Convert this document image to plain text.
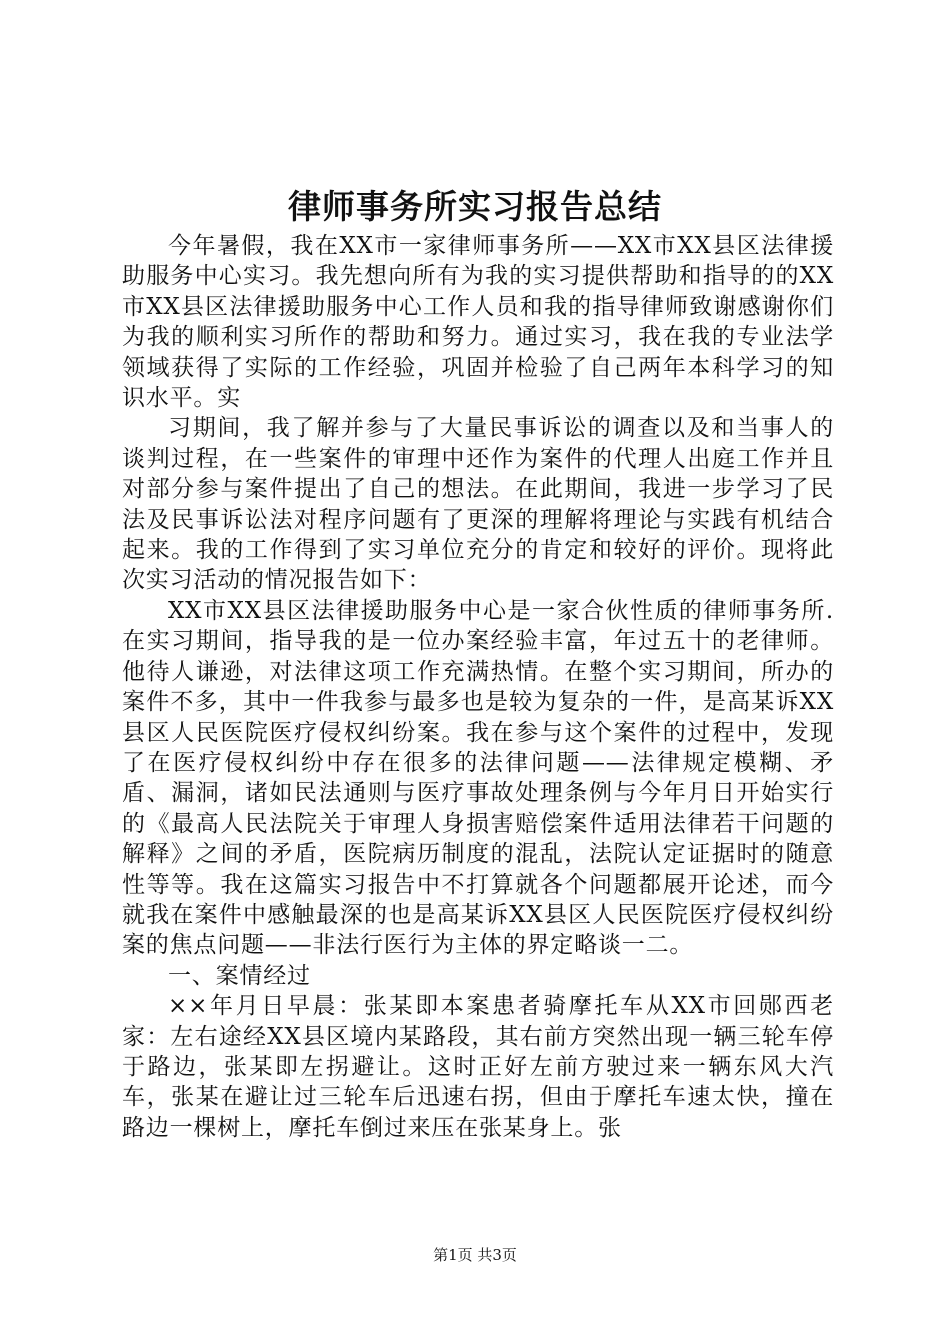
律师事务所实习报告总结

今年暑假，我在XX市一家律师事务所——XX市XX县区法律援助服务中心实习。我先想向所有为我的实习提供帮助和指导的的XX市XX县区法律援助服务中心工作人员和我的指导律师致谢感谢你们为我的顺利实习所作的帮助和努力。通过实习，我在我的专业法学领域获得了实际的工作经验，巩固并检验了自己两年本科学习的知识水平。实

习期间，我了解并参与了大量民事诉讼的调查以及和当事人的谈判过程，在一些案件的审理中还作为案件的代理人出庭工作并且对部分参与案件提出了自己的想法。在此期间，我进一步学习了民法及民事诉讼法对程序问题有了更深的理解将理论与实践有机结合起来。我的工作得到了实习单位充分的肯定和较好的评价。现将此次实习活动的情况报告如下：

XX市XX县区法律援助服务中心是一家合伙性质的律师事务所.在实习期间，指导我的是一位办案经验丰富，年过五十的老律师。他待人谦逊，对法律这项工作充满热情。在整个实习期间，所办的案件不多，其中一件我参与最多也是较为复杂的一件，是高某诉XX县区人民医院医疗侵权纠纷案。我在参与这个案件的过程中，发现了在医疗侵权纠纷中存在很多的法律问题——法律规定模糊、矛盾、漏洞，诸如民法通则与医疗事故处理条例与今年月日开始实行的《最高人民法院关于审理人身损害赔偿案件适用法律若干问题的解释》之间的矛盾，医院病历制度的混乱，法院认定证据时的随意性等等。我在这篇实习报告中不打算就各个问题都展开论述，而今就我在案件中感触最深的也是高某诉XX县区人民医院医疗侵权纠纷案的焦点问题——非法行医行为主体的界定略谈一二。

一、案情经过

××年月日早晨：张某即本案患者骑摩托车从XX市回郧西老家：左右途经XX县区境内某路段，其右前方突然出现一辆三轮车停于路边，张某即左拐避让。这时正好左前方驶过来一辆东风大汽车，张某在避让过三轮车后迅速右拐，但由于摩托车速太快，撞在路边一棵树上，摩托车倒过来压在张某身上。张

第1页 共3页
